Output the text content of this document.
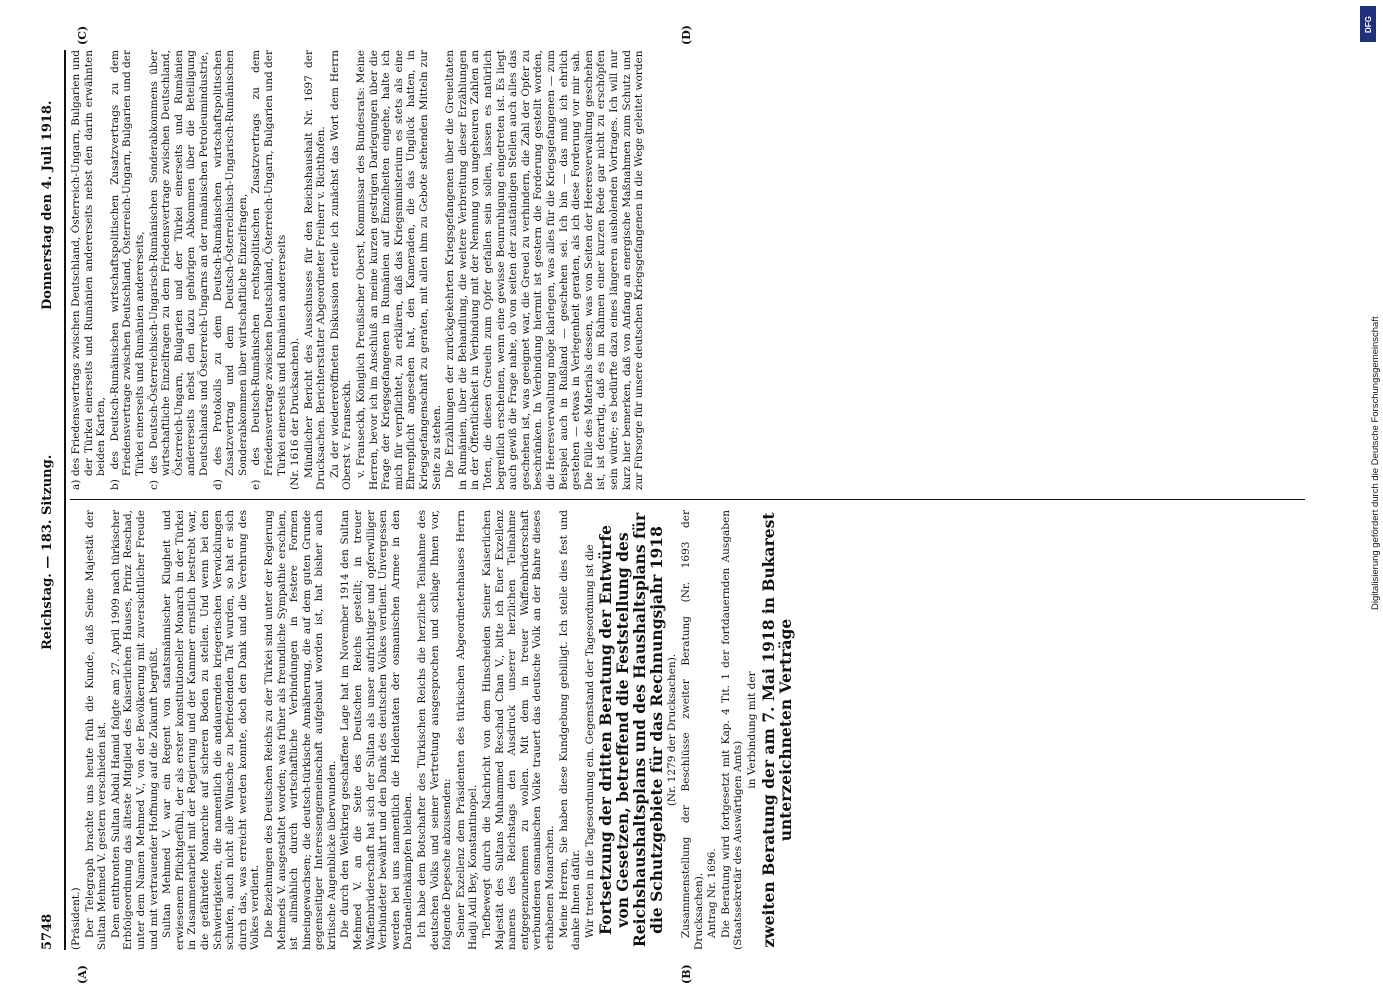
5748
Reichstag. — 183. Sitzung.
Donnerstag den 4. Juli 1918.
(A)	(B)
(C)	(D)

(Präsident.) Der Telegraph brachte uns heute früh die Kunde, daß Seine Majestät der Sultan Mehmed V. gestern verschieden ist. Dem entthronten Sultan Abdul Hamid folgte am 27. April 1909 nach türkischer Erbfolgeordnung das älteste Mitglied des Kaiserlichen Hauses, Prinz Reschad, unter dem Namen Mehmed V., von der Bevölkerung mit zuversichtlicher Freude und mit vertrauender Hoffnung auf die Zukunft begrüßt. Sultan Mehmed V. war ein Regent von staatsmännischer Klugheit und erwiesenem Pflichtgefühl, der als erster konstitutioneller Monarch in der Türkei in Zusammenarbeit mit der Regierung und der Kammer ernstlich bestrebt war, die gefährdete Monarchie auf sicheren Boden zu stellen. Und wenn bei den Schwierigkeiten, die namentlich die andauernden kriegerischen Verwicklungen schufen, auch nicht alle Wünsche zu befriedenden Tat wurden, so hat er sich durch das, was erreicht werden konnte, doch den Dank und die Verehrung des Volkes verdient. Die Beziehungen des Deutschen Reichs zu der Türkei sind unter der Regierung Mehmeds V. ausgestaltet worden; was früher als freundliche Sympathie erschien, ist allmählich durch wirtschaftliche Verbindungen in festere Formen hineingewachsen; die deutsch-türkische Annäherung, die auf dem guten Grunde gegenseitiger Interessengemeinschaft aufgebaut worden ist, hat bisher auch kritische Augenblicke überwunden. Die durch den Weltkrieg geschaffene Lage hat im November 1914 den Sultan Mehmed V. an die Seite des Deutschen Reichs gestellt; in treuer Waffenbrüderschaft hat sich der Sultan als unser aufrichtiger und opferwilliger Verbündeter bewährt und den Dank des deutschen Volkes verdient. Unvergessen werden bei uns namentlich die Heldentaten der osmanischen Armee in den Dardanellenkämpfen bleiben. Ich habe dem Botschafter des Türkischen Reichs die herzliche Teilnahme des deutschen Volks und seiner Vertretung ausgesprochen und schlage Ihnen vor, folgende Depesche abzusenden: Seiner Exzellenz dem Präsidenten des türkischen Abgeordnetenhauses Herrn Hadji Adil Bey, Konstantinopel. Tiefbewegt durch die Nachricht von dem Hinscheiden Seiner Kaiserlichen Majestät des Sultans Muhammed Reschad Chan V., bitte ich Euer Exzellenz namens des Reichstags den Ausdruck unserer herzlichen Teilnahme entgegenzunehmen zu wollen. Mit dem in treuer Waffenbrüderschaft verbundenen osmanischen Volke trauert das deutsche Volk an der Bahre dieses erhabenen Monarchen. Meine Herren, Sie haben diese Kundgebung gebilligt. Ich stelle dies fest und danke Ihnen dafür. Wir treten in die Tagesordnung ein. Gegenstand der Tagesordnung ist die Fortsetzung der dritten Beratung der Entwürfe von Gesetzen, betreffend die Feststellung des Reichshaushaltsplans und des Haushaltsplans für die Schutzgebiete für das Rechnungsjahr 1918 (Nr. 1279 der Drucksachen). Zusammenstellung der Beschlüsse zweiter Beratung (Nr. 1693 der Drucksachen). Antrag Nr. 1696. Die Beratung wird fortgesetzt mit Kap. 4 Tit. 1 der fortdauernden Ausgaben (Staatssekretär des Auswärtigen Amts)

in Verbindung mit der zweiten Beratung der am 7. Mai 1918 in Bukarest unterzeichneten Verträge

a) des Friedensvertrags zwischen Deutschland, Österreich-Ungarn, Bulgarien und der Türkei einerseits und Rumänien andererseits nebst den darin erwähnten beiden Karten, b) des Deutsch-Rumänischen wirtschaftspolitischen Zusatzvertrags zu dem Friedensvertrage zwischen Deutschland, Österreich-Ungarn, Bulgarien und der Türkei einerseits und Rumänien andererseits, c) des Deutsch-Österreichisch-Ungarisch-Rumänischen Sonderabkommens über wirtschaftliche Einzelfragen zu dem Friedensvertrage zwischen Deutschland, Österreich-Ungarn, Bulgarien und der Türkei einerseits und Rumänien andererseits nebst den dazu gehörigen Abkommen über die Beteiligung Deutschlands und Österreich-Ungarns an der rumänischen Petroleumindustrie, d) des Protokolls zu dem Deutsch-Rumänischen wirtschaftspolitischen Zusatzvertrag und dem Deutsch-Österreichisch-Ungarisch-Rumänischen Sonderabkommen über wirtschaftliche Einzelfragen, e) des Deutsch-Rumänischen rechtspolitischen Zusatzvertrags zu dem Friedensvertrage zwischen Deutschland, Österreich-Ungarn, Bulgarien und der Türkei einerseits und Rumänien andererseits (Nr. 1616 der Drucksachen). Mündlicher Bericht des Ausschusses für den Reichshaushalt Nr. 1697 der Drucksachen. Berichterstatter Abgeordneter Freiherr v. Richthofen. Zu der wiedereröffneten Diskussion erteile ich zunächst das Wort dem Herrn Oberst v. Franseckh. v. Franseckh, Königlich Preußischer Oberst, Kommissar des Bundesrats: Meine Herren, bevor ich im Anschluß an meine kurzen gestrigen Darlegungen über die Frage der Kriegsgefangenen in Rumänien auf Einzelheiten eingehe, halte ich mich für verpflichtet, zu erklären, daß das Kriegsministerium es stets als eine Ehrenpflicht angesehen hat, den Kameraden, die das Unglück hatten, in Kriegsgefangenschaft zu geraten, mit allen ihm zu Gebote stehenden Mitteln zur Seite zu stehen. Die Erzählungen der zurückgekehrten Kriegsgefangenen über die Greueltaten in Rumänien, über die Behandlung, die weitere Verbreitung dieser Erzählungen in der Öffentlichkeit in Verbindung mit der Nennung von ungeheuren Zahlen an Toten, die diesen Greueln zum Opfer gefallen sein sollen, lassen es natürlich begreiflich erscheinen, wenn eine gewisse Beunruhigung eingetreten ist. Es liegt auch gewiß die Frage nahe, ob von seiten der zuständigen Stellen auch alles das geschehen ist, was geeignet war, die Greuel zu verhindern, die Zahl der Opfer zu beschränken. In Verbindung hiermit ist gestern die Forderung gestellt worden, die Heeresverwaltung möge klarlegen, was alles für die Kriegsgefangenen — zum Beispiel auch in Rußland — geschehen sei. Ich bin — das muß ich ehrlich gestehen — etwas in Verlegenheit geraten, als ich diese Forderung vor mir sah. Die Fülle des Materials dessen, was von Seiten der Heeresverwaltung geschehen ist, ist derartig, daß es im Rahmen einer kurzen Rede gar nicht zu erschöpfen sein würde; es bedürfte dazu eines längeren ausholenden Vortrages. Ich will nur kurz hier bemerken, daß von Anfang an energische Maßnahmen zum Schutz und zur Fürsorge für unsere deutschen Kriegsgefangenen in die Wege geleitet worden	Digitalisierung gefördert durch die Deutsche Forschungsgemeinschaft
DFG
